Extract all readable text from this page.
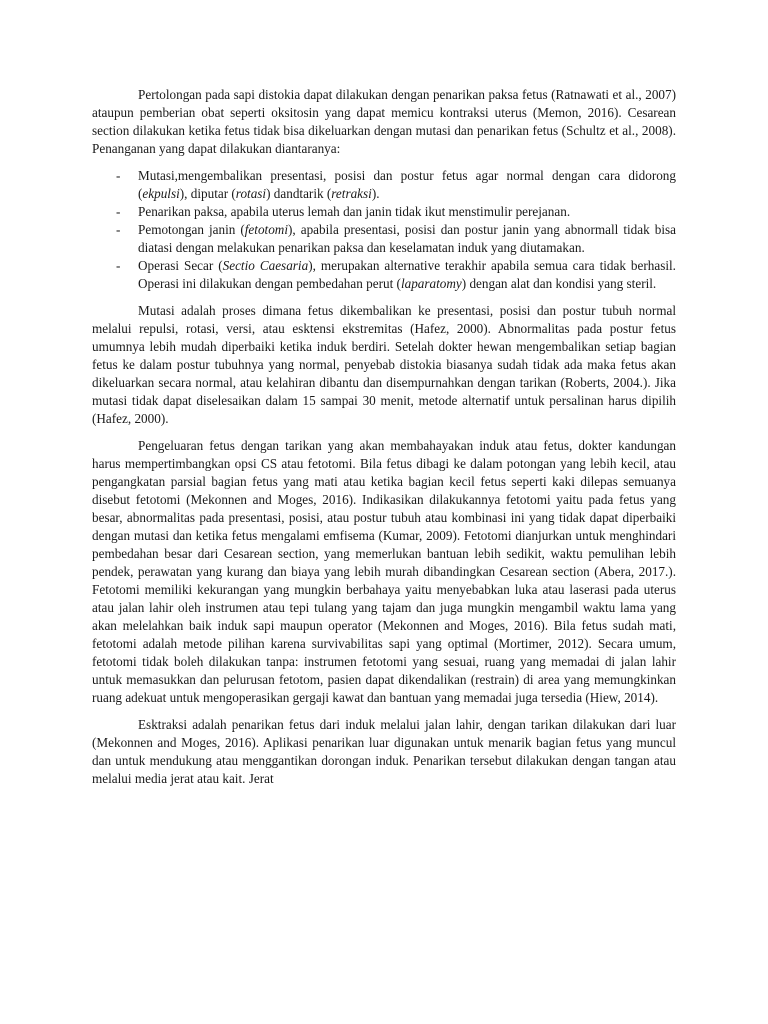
Pertolongan pada sapi distokia dapat dilakukan dengan penarikan paksa fetus (Ratnawati et al., 2007) ataupun pemberian obat seperti oksitosin yang dapat memicu kontraksi uterus (Memon, 2016). Cesarean section dilakukan ketika fetus tidak bisa dikeluarkan dengan mutasi dan penarikan fetus (Schultz et al., 2008). Penanganan yang dapat dilakukan diantaranya:

- Mutasi,mengembalikan presentasi, posisi dan postur fetus agar normal dengan cara didorong (ekpulsi), diputar (rotasi) dandtarik (retraksi).
- Penarikan paksa, apabila uterus lemah dan janin tidak ikut menstimulir perejanan.
- Pemotongan janin (fetotomi), apabila presentasi, posisi dan postur janin yang abnormall tidak bisa diatasi dengan melakukan penarikan paksa dan keselamatan induk yang diutamakan.
- Operasi Secar (Sectio Caesaria), merupakan alternative terakhir apabila semua cara tidak berhasil. Operasi ini dilakukan dengan pembedahan perut (laparatomy) dengan alat dan kondisi yang steril.

Mutasi adalah proses dimana fetus dikembalikan ke presentasi, posisi dan postur tubuh normal melalui repulsi, rotasi, versi, atau esktensi ekstremitas (Hafez, 2000). Abnormalitas pada postur fetus umumnya lebih mudah diperbaiki ketika induk berdiri. Setelah dokter hewan mengembalikan setiap bagian fetus ke dalam postur tubuhnya yang normal, penyebab distokia biasanya sudah tidak ada maka fetus akan dikeluarkan secara normal, atau kelahiran dibantu dan disempurnahkan dengan tarikan (Roberts, 2004.). Jika mutasi tidak dapat diselesaikan dalam 15 sampai 30 menit, metode alternatif untuk persalinan harus dipilih (Hafez, 2000).

Pengeluaran fetus dengan tarikan yang akan membahayakan induk atau fetus, dokter kandungan harus mempertimbangkan opsi CS atau fetotomi. Bila fetus dibagi ke dalam potongan yang lebih kecil, atau pengangkatan parsial bagian fetus yang mati atau ketika bagian kecil fetus seperti kaki dilepas semuanya disebut fetotomi (Mekonnen and Moges, 2016). Indikasikan dilakukannya fetotomi yaitu pada fetus yang besar, abnormalitas pada presentasi, posisi, atau postur tubuh atau kombinasi ini yang tidak dapat diperbaiki dengan mutasi dan ketika fetus mengalami emfisema (Kumar, 2009). Fetotomi dianjurkan untuk menghindari pembedahan besar dari Cesarean section, yang memerlukan bantuan lebih sedikit, waktu pemulihan lebih pendek, perawatan yang kurang dan biaya yang lebih murah dibandingkan Cesarean section (Abera, 2017.). Fetotomi memiliki kekurangan yang mungkin berbahaya yaitu menyebabkan luka atau laserasi pada uterus atau jalan lahir oleh instrumen atau tepi tulang yang tajam dan juga mungkin mengambil waktu lama yang akan melelahkan baik induk sapi maupun operator (Mekonnen and Moges, 2016). Bila fetus sudah mati, fetotomi adalah metode pilihan karena survivabilitas sapi yang optimal (Mortimer, 2012). Secara umum, fetotomi tidak boleh dilakukan tanpa: instrumen fetotomi yang sesuai, ruang yang memadai di jalan lahir untuk memasukkan dan pelurusan fetotom, pasien dapat dikendalikan (restrain) di area yang memungkinkan ruang adekuat untuk mengoperasikan gergaji kawat dan bantuan yang memadai juga tersedia (Hiew, 2014).

Esktraksi adalah penarikan fetus dari induk melalui jalan lahir, dengan tarikan dilakukan dari luar (Mekonnen and Moges, 2016). Aplikasi penarikan luar digunakan untuk menarik bagian fetus yang muncul dan untuk mendukung atau menggantikan dorongan induk. Penarikan tersebut dilakukan dengan tangan atau melalui media jerat atau kait. Jerat
